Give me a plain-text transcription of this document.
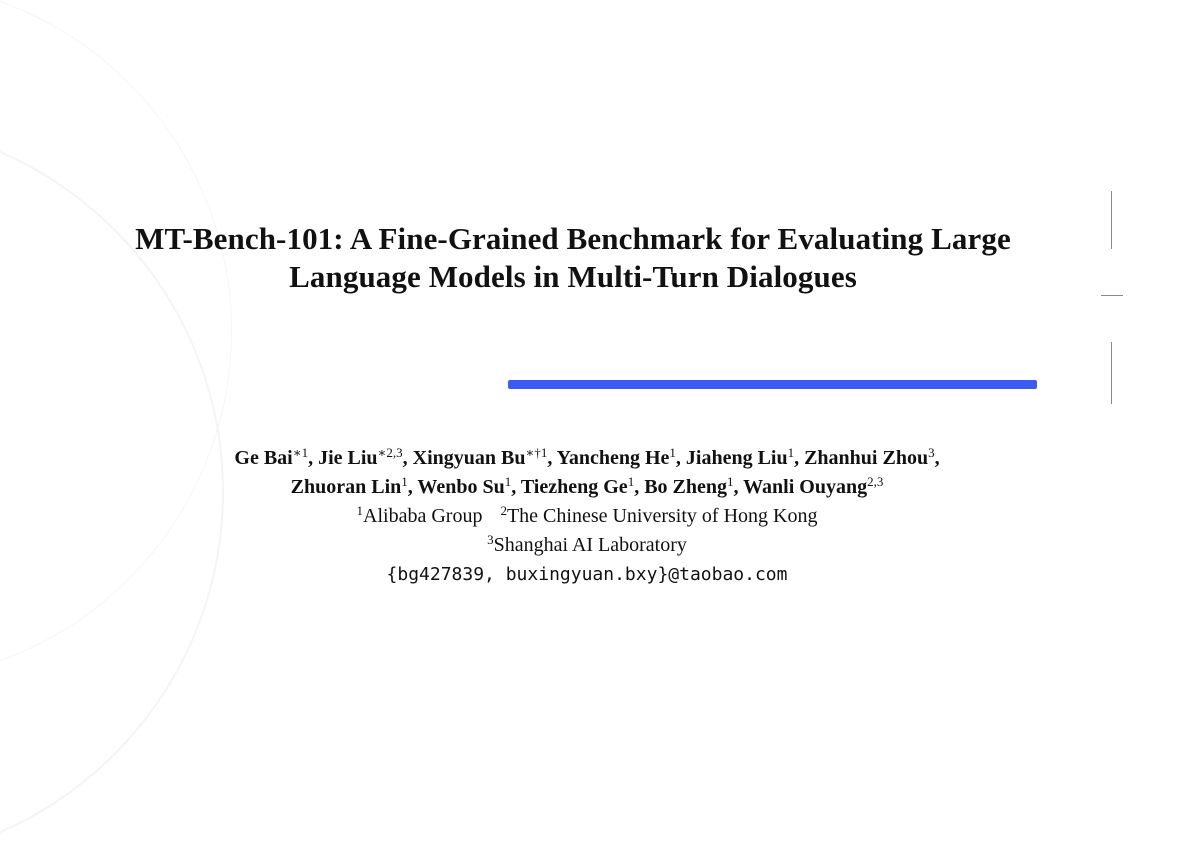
MT-Bench-101: A Fine-Grained Benchmark for Evaluating Large
Language Models in Multi-Turn Dialogues
Ge Bai$^{∗1}$, Jie Liu$^{∗2,3}$, Xingyuan $Bu^{∗\dagger 1}$, Yancheng He$^1$, Jiaheng Liu$^1$, Zhanhui Zhou$^3$,
Zhuoran Lin$^1$, Wenbo Su$^1$, Tiezheng Ge$^1$, Bo Zheng$^1$, Wanli Ouyang$^{2,3}$
$^1$Alibaba Group $^2$The Chinese University of Hong Kong
$^3$Shanghai AI Laboratory
{bg427839, buxingyuan.bxy}@taobao.com
